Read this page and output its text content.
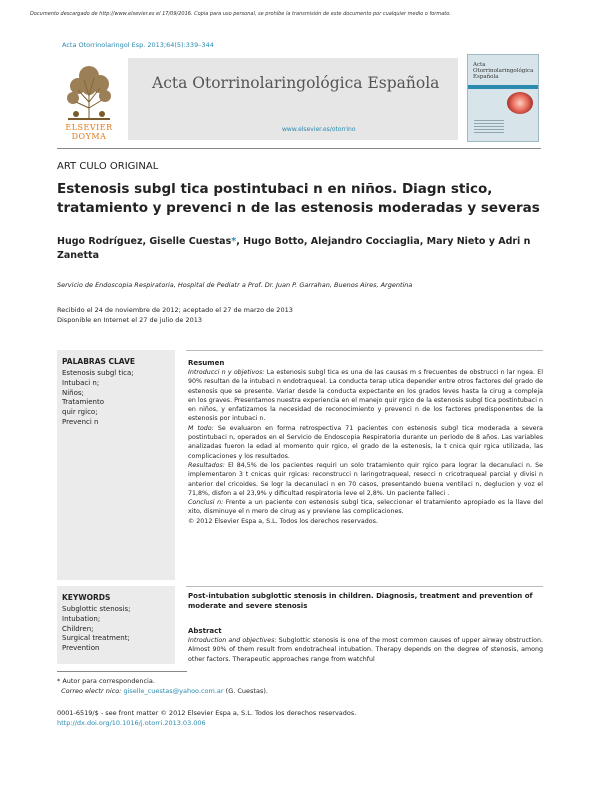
Documento descargado de http://www.elsevier.es el 17/09/2016. Copia para uso personal, se prohíbe la transmisión de este documento por cualquier medio o formato.
Acta Otorrinolaringol Esp. 2013;64(5):339–344
ELSEVIER
DOYMA
Acta Otorrinolaringológica Española
www.elsevier.es/otorrino
Acta
Otorrinolaringológica
Española
ART CULO ORIGINAL
Estenosis subgl tica postintubaci n en niños. Diagn stico, tratamiento y prevenci n de las estenosis moderadas y severas
Hugo Rodríguez, Giselle Cuestas*, Hugo Botto, Alejandro Cocciaglia, Mary Nieto y Adri n Zanetta
Servicio de Endoscopia Respiratoria, Hospital de Pediatr a Prof. Dr. Juan P. Garrahan, Buenos Aires, Argentina
Recibido el 24 de noviembre de 2012; aceptado el 27 de marzo de 2013
Disponible en Internet el 27 de julio de 2013
PALABRAS CLAVE
Estenosis subgl tica;
Intubaci n;
Niños;
Tratamiento
quir rgico;
Prevenci n
Resumen

Introducci n y objetivos: La estenosis subgl tica es una de las causas m s frecuentes de obstrucci n lar ngea. El 90% resultan de la intubaci n endotraqueal. La conducta terap utica depender entre otros factores del grado de estenosis que se presente. Variar desde la conducta expectante en los grados leves hasta la cirug a compleja en los graves. Presentamos nuestra experiencia en el manejo quir rgico de la estenosis subgl tica postintubaci n en niños, y enfatizamos la necesidad de reconocimiento y prevenci n de los factores predisponentes de la estenosis por intubaci n.

M todo: Se evaluaron en forma retrospectiva 71 pacientes con estenosis subgl tica moderada a severa postintubaci n, operados en el Servicio de Endoscopia Respiratoria durante un periodo de 8 años. Las variables analizadas fueron la edad al momento quir rgico, el grado de la estenosis, la t cnica quir rgica utilizada, las complicaciones y los resultados.

Resultados: El 84,5% de los pacientes requiri un solo tratamiento quir rgico para lograr la decanulaci n. Se implementaron 3 t cnicas quir rgicas: reconstrucci n laringotraqueal, resecci n cricotraqueal parcial y divisi n anterior del cricoides. Se logr la decanulaci n en 70 casos, presentando buena ventilaci n, deglucion y voz el 71,8%, disfon a el 23,9% y dificultad respiratoria leve el 2,8%. Un paciente falleci .

Conclusi n: Frente a un paciente con estenosis subgl tica, seleccionar el tratamiento apropiado es la llave del xito, disminuye el n mero de cirug as y previene las complicaciones.

© 2012 Elsevier Espa a, S.L. Todos los derechos reservados.

KEYWORDS
Subglottic stenosis;
Intubation;
Children;
Surgical treatment;
Prevention
Post-intubation subglottic stenosis in children. Diagnosis, treatment and prevention of moderate and severe stenosis
Abstract
Introduction and objectives: Subglottic stenosis is one of the most common causes of upper airway obstruction. Almost 90% of them result from endotracheal intubation. Therapy depends on the degree of stenosis, among other factors. Therapeutic approaches range from watchful
* Autor para correspondencia.
Correo electr nico: giselle_cuestas@yahoo.com.ar (G. Cuestas).
0001-6519/$ - see front matter © 2012 Elsevier Espa a, S.L. Todos los derechos reservados.
http://dx.doi.org/10.1016/j.otorri.2013.03.006
